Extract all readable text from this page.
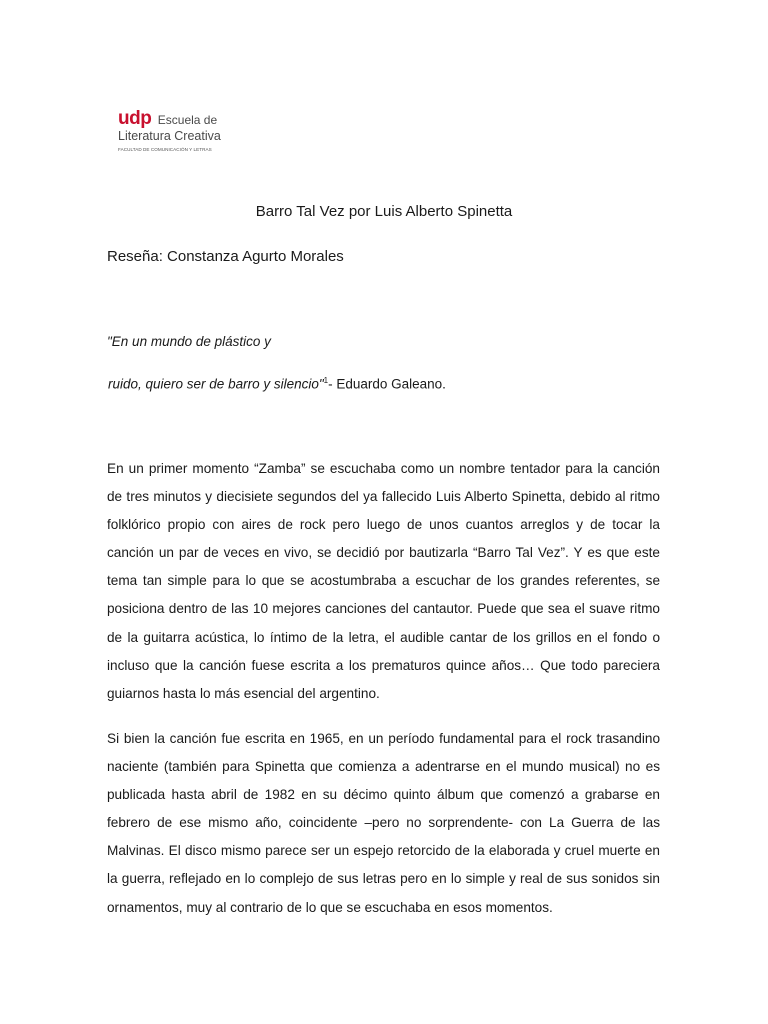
udp Escuela de
Literatura Creativa
FACULTAD DE COMUNICACIÓN Y LETRAS
Barro Tal Vez por Luis Alberto Spinetta
Reseña: Constanza Agurto Morales
"En un mundo de plástico y
ruido, quiero ser de barro y silencio"$^1$- Eduardo Galeano.

En un primer momento “Zamba” se escuchaba como un nombre tentador para la canción de tres minutos y diecisiete segundos del ya fallecido Luis Alberto Spinetta, debido al ritmo folklórico propio con aires de rock pero luego de unos cuantos arreglos y de tocar la canción un par de veces en vivo, se decidió por bautizarla “Barro Tal Vez”. Y es que este tema tan simple para lo que se acostumbraba a escuchar de los grandes referentes, se posiciona dentro de las 10 mejores canciones del cantautor. Puede que sea el suave ritmo de la guitarra acústica, lo íntimo de la letra, el audible cantar de los grillos en el fondo o incluso que la canción fuese escrita a los prematuros quince años… Que todo pareciera guiarnos hasta lo más esencial del argentino.

Si bien la canción fue escrita en 1965, en un período fundamental para el rock trasandino naciente (también para Spinetta que comienza a adentrarse en el mundo musical) no es publicada hasta abril de 1982 en su décimo quinto álbum que comenzó a grabarse en febrero de ese mismo año, coincidente –pero no sorprendente- con La Guerra de las Malvinas. El disco mismo parece ser un espejo retorcido de la elaborada y cruel muerte en la guerra, reflejado en lo complejo de sus letras pero en lo simple y real de sus sonidos sin ornamentos, muy al contrario de lo que se escuchaba en esos momentos.
